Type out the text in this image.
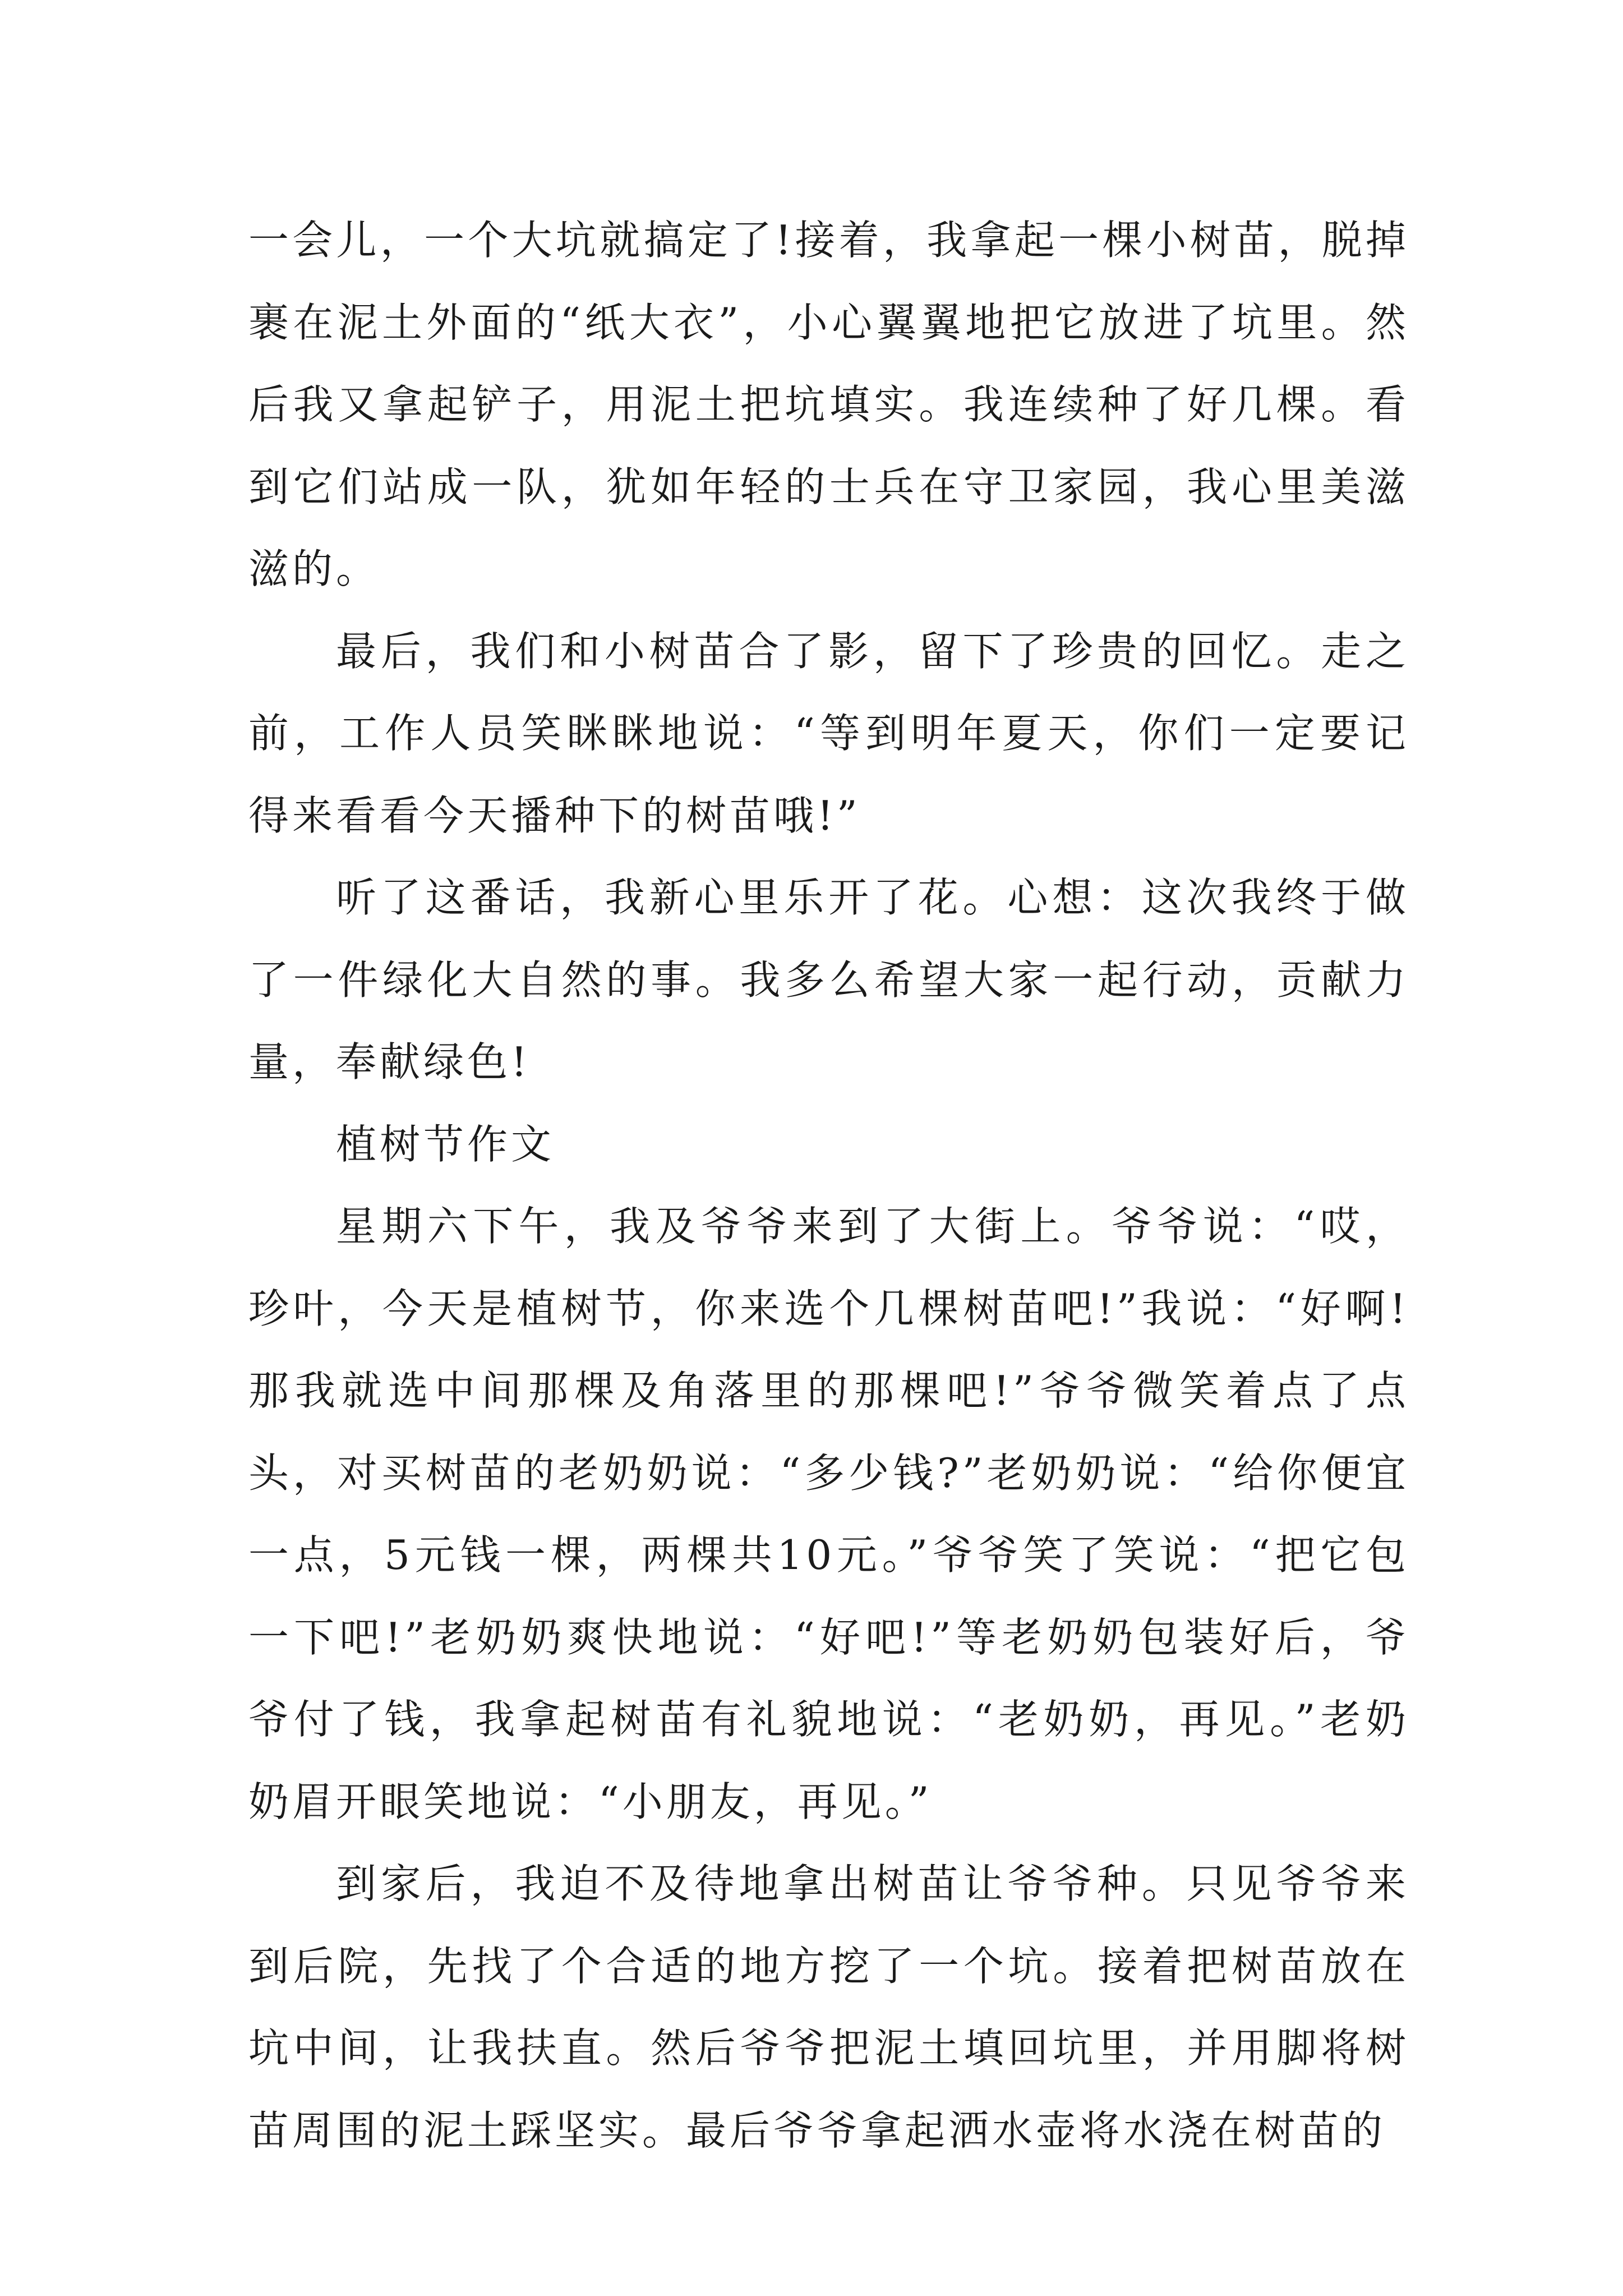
一会儿，一个大坑就搞定了!接着，我拿起一棵小树苗，脱掉裹在泥土外面的“纸大衣”，小心翼翼地把它放进了坑里。然后我又拿起铲子，用泥土把坑填实。我连续种了好几棵。看到它们站成一队，犹如年轻的士兵在守卫家园，我心里美滋滋的。

最后，我们和小树苗合了影，留下了珍贵的回忆。走之前，工作人员笑眯眯地说：“等到明年夏天，你们一定要记得来看看今天播种下的树苗哦!”

听了这番话，我新心里乐开了花。心想：这次我终于做了一件绿化大自然的事。我多么希望大家一起行动，贡献力量，奉献绿色!

植树节作文

星期六下午，我及爷爷来到了大街上。爷爷说：“哎，珍叶，今天是植树节，你来选个几棵树苗吧!”我说：“好啊!那我就选中间那棵及角落里的那棵吧!”爷爷微笑着点了点头，对买树苗的老奶奶说：“多少钱?”老奶奶说：“给你便宜一点，5元钱一棵，两棵共10元。”爷爷笑了笑说：“把它包一下吧!”老奶奶爽快地说：“好吧!”等老奶奶包装好后，爷爷付了钱，我拿起树苗有礼貌地说：“老奶奶，再见。”老奶奶眉开眼笑地说：“小朋友，再见。”

到家后，我迫不及待地拿出树苗让爷爷种。只见爷爷来到后院，先找了个合适的地方挖了一个坑。接着把树苗放在坑中间，让我扶直。然后爷爷把泥土填回坑里，并用脚将树苗周围的泥土踩坚实。最后爷爷拿起洒水壶将水浇在树苗的
